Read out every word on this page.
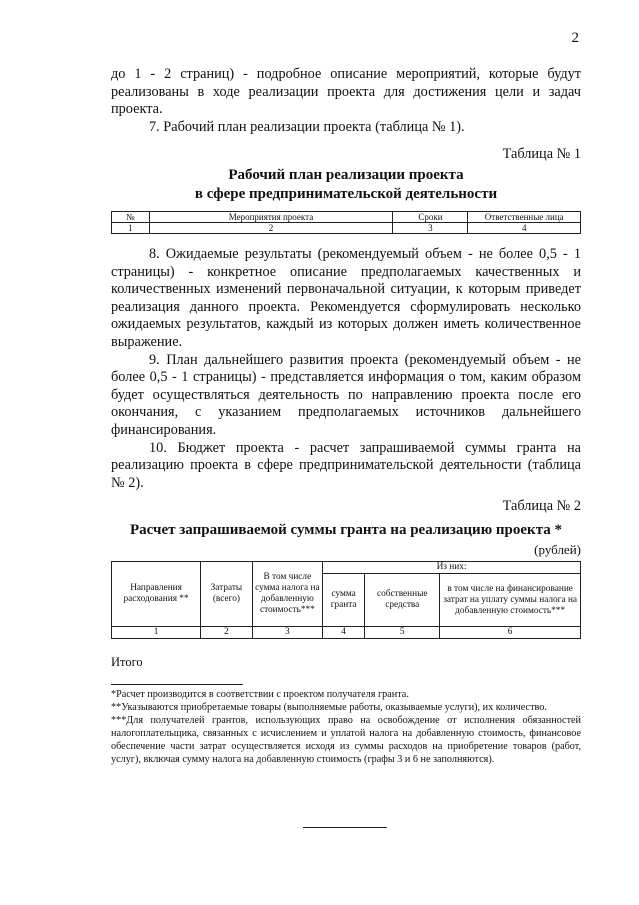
2

до 1 - 2 страниц) - подробное описание мероприятий, которые будут реализованы в ходе реализации проекта для достижения цели и задач проекта.

7. Рабочий план реализации проекта (таблица № 1).

Таблица № 1
Рабочий план реализации проекта
в сфере предпринимательской деятельности
№	Мероприятия проекта	Сроки	Ответственные лица
1	2	3	4

8. Ожидаемые результаты (рекомендуемый объем - не более 0,5 - 1 страницы) - конкретное описание предполагаемых качественных и количественных изменений первоначальной ситуации, к которым приведет реализация данного проекта. Рекомендуется сформулировать несколько ожидаемых результатов, каждый из которых должен иметь количественное выражение.

9. План дальнейшего развития проекта (рекомендуемый объем - не более 0,5 - 1 страницы) - представляется информация о том, каким образом будет осуществляться деятельность по направлению проекта после его окончания, с указанием предполагаемых источников дальнейшего финансирования.

10. Бюджет проекта - расчет запрашиваемой суммы гранта на реализацию проекта в сфере предпринимательской деятельности (таблица № 2).

Таблица № 2
Расчет запрашиваемой суммы гранта на реализацию проекта *
(рублей)
Направления расходования **	Затраты (всего)	В том числе сумма налога на добавленную стоимость***	Из них:		
			сумма гранта	собственные средства	в том числе на финансирование затрат на уплату суммы налога на добавленную стоимость***
1	2	3	4	5	6
Итого

*Расчет производится в соответствии с проектом получателя гранта.

**Указываются приобретаемые товары (выполняемые работы, оказываемые услуги), их количество.

***Для получателей грантов, использующих право на освобождение от исполнения обязанностей налогоплательщика, связанных с исчислением и уплатой налога на добавленную стоимость, финансовое обеспечение части затрат осуществляется исходя из суммы расходов на приобретение товаров (работ, услуг), включая сумму налога на добавленную стоимость (графы 3 и 6 не заполняются).
